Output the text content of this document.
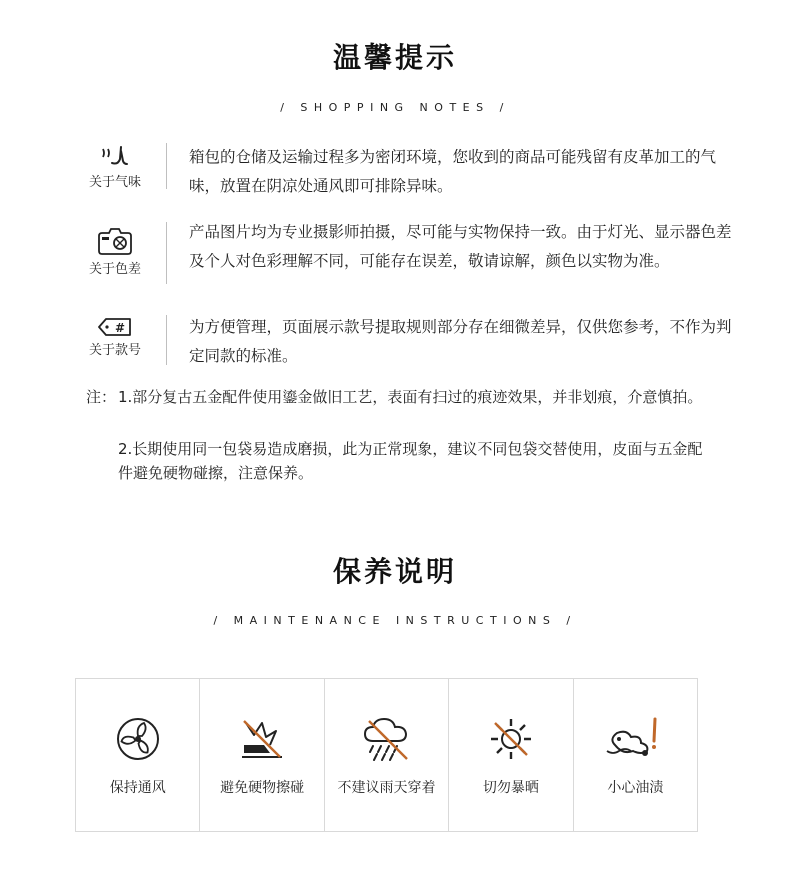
温馨提示
/ SHOPPING NOTES /
关于气味
箱包的仓储及运输过程多为密闭环境，您收到的商品可能残留有皮革加工的气味，放置在阴凉处通风即可排除异味。
关于色差
产品图片均为专业摄影师拍摄，尽可能与实物保持一致。由于灯光、显示器色差及个人对色彩理解不同，可能存在误差，敬请谅解，颜色以实物为准。
#
关于款号
为方便管理，页面展示款号提取规则部分存在细微差异，仅供您参考，不作为判定同款的标准。
注： 1.部分复古五金配件使用鎏金做旧工艺，表面有扫过的痕迹效果，并非划痕，介意慎拍。
2.长期使用同一包袋易造成磨损，此为正常现象，建议不同包袋交替使用，皮面与五金配件避免硬物碰擦，注意保养。
保养说明
/ MAINTENANCE INSTRUCTIONS /
保持通风	避免硬物擦碰	不建议雨天穿着	切勿暴晒	小心油渍
